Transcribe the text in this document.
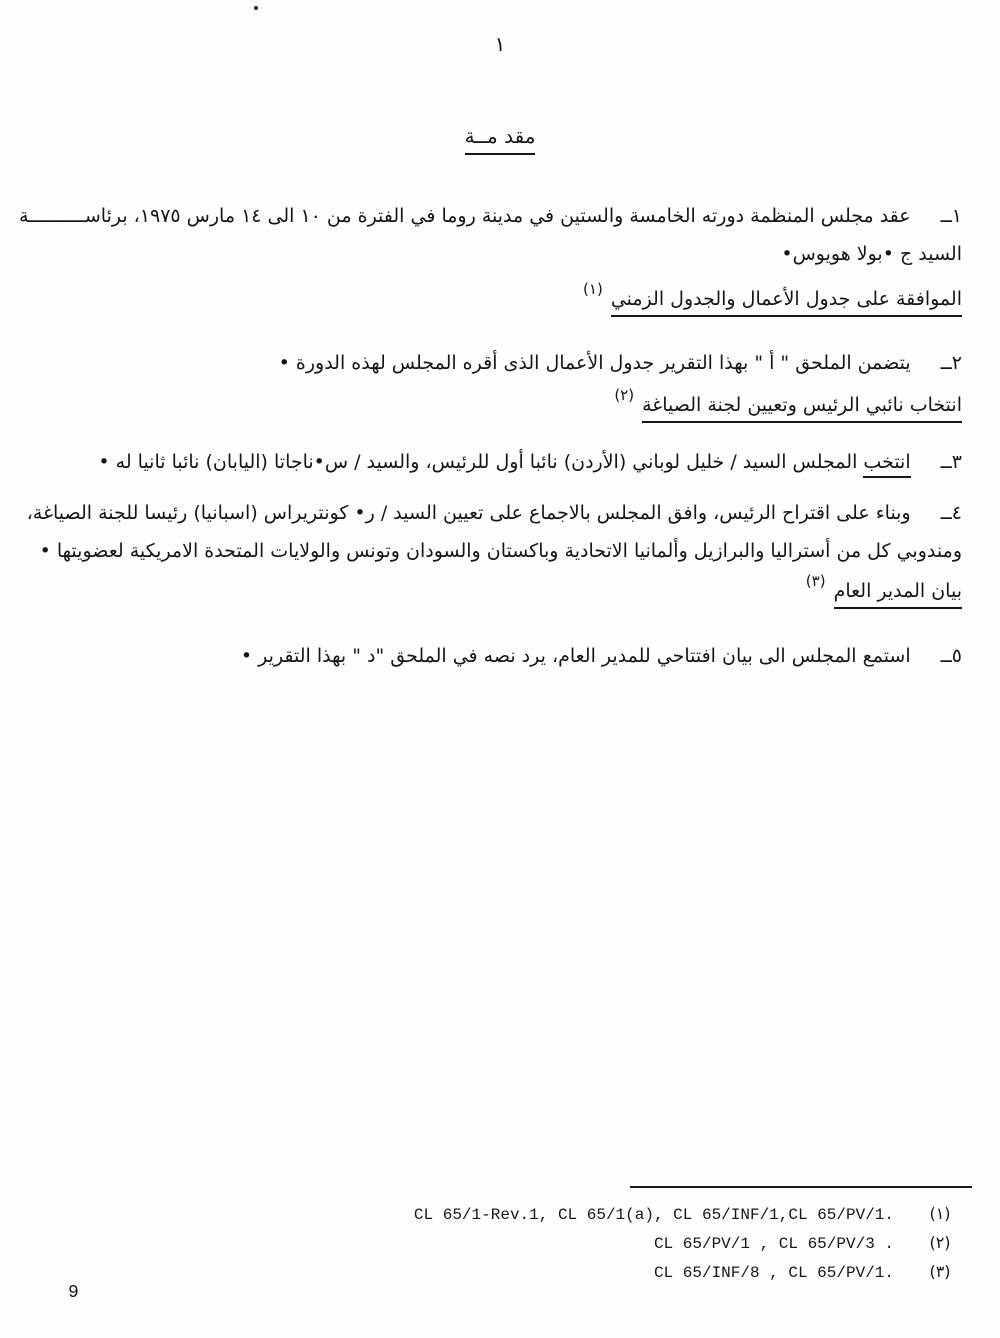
١
مقد مــة
١ــعقد مجلس المنظمة دورته الخامسة والستين في مدينة روما في الفترة من ١٠ الى ١٤ مارس ١٩٧٥، برئاســــــــــة
السيد ج •بولا هويوس•
الموافقة على جدول الأعمال والجدول الزمني(١)
٢ــيتضمن الملحق " أ " بهذا التقرير جدول الأعمال الذى أقره المجلس لهذه الدورة •
انتخاب نائبي الرئيس وتعيين لجنة الصياغة(٢)
٣ــانتخب المجلس السيد / خليل لوباني (الأردن) نائبا أول للرئيس، والسيد / س•ناجاتا (اليابان) نائبا ثانيا له •
٤ــوبناء على اقتراح الرئيس، وافق المجلس بالاجماع على تعيين السيد / ر• كونتريراس (اسبانيا) رئيسا للجنة الصياغة،
ومندوبي كل من أستراليا والبرازيل وألمانيا الاتحادية وباكستان والسودان وتونس والولايات المتحدة الامريكية لعضويتها •
بيان المدير العام(٣)
٥ــاستمع المجلس الى بيان افتتاحي للمدير العام، يرد نصه في الملحق "د " بهذا التقرير •
CL 65/1-Rev.1, CL 65/1(a), CL 65/INF/1,CL 65/PV/1.	(١)
CL 65/PV/1 , CL 65/PV/3 .	(٢)
CL 65/INF/8 , CL 65/PV/1.	(٣)
9
